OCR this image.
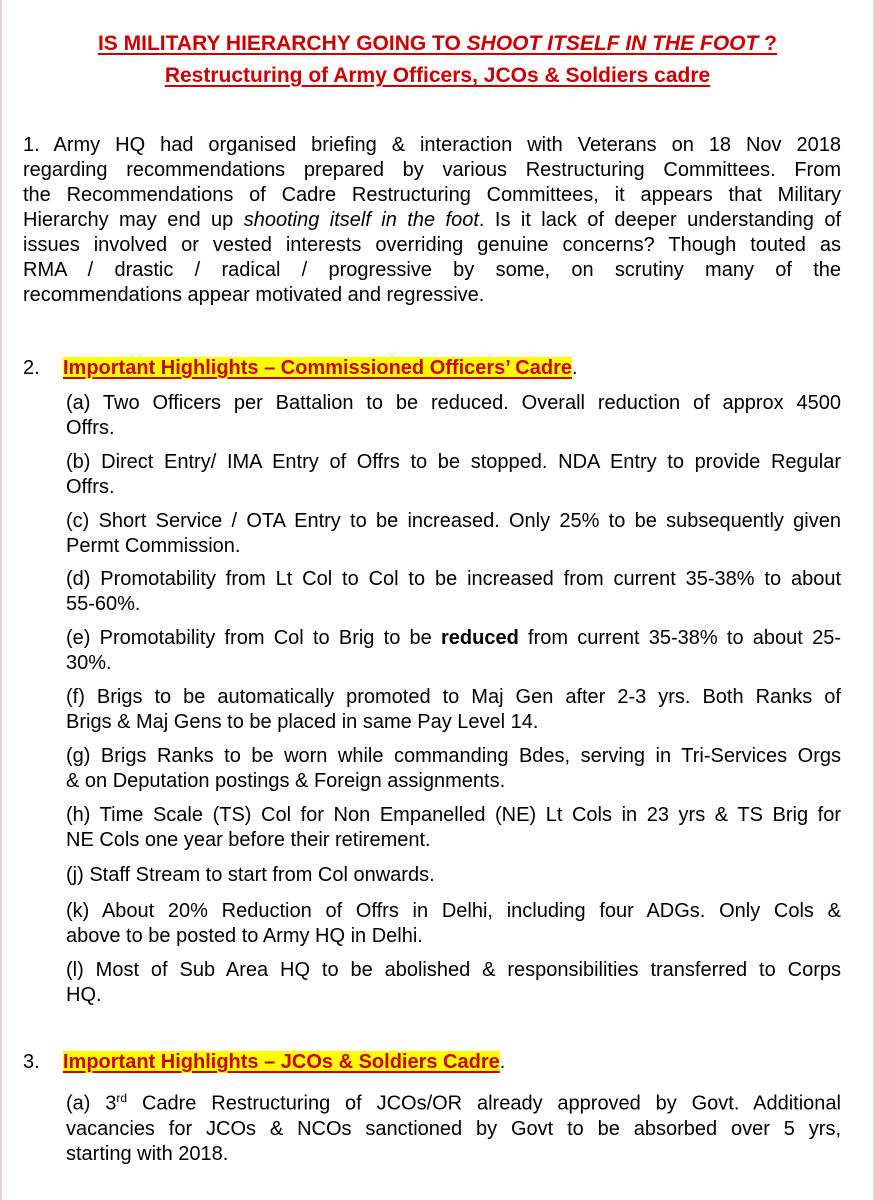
IS MILITARY HIERARCHY GOING TO SHOOT ITSELF IN THE FOOT ?
Restructuring of Army Officers, JCOs & Soldiers cadre
1. Army HQ had organised briefing & interaction with Veterans on 18 Nov 2018
regarding recommendations prepared by various Restructuring Committees. From
the Recommendations of Cadre Restructuring Committees, it appears that Military
Hierarchy may end up shooting itself in the foot. Is it lack of deeper understanding of
issues involved or vested interests overriding genuine concerns? Though touted as
RMA / drastic / radical / progressive by some, on scrutiny many of the
recommendations appear motivated and regressive.
2. Important Highlights – Commissioned Officers’ Cadre.
(a) Two Officers per Battalion to be reduced. Overall reduction of approx 4500
Offrs.
(b) Direct Entry/ IMA Entry of Offrs to be stopped. NDA Entry to provide Regular
Offrs.
(c) Short Service / OTA Entry to be increased. Only 25% to be subsequently given
Permt Commission.
(d) Promotability from Lt Col to Col to be increased from current 35-38% to about
55-60%.
(e) Promotability from Col to Brig to be reduced from current 35-38% to about 25-
30%.
(f) Brigs to be automatically promoted to Maj Gen after 2-3 yrs. Both Ranks of
Brigs & Maj Gens to be placed in same Pay Level 14.
(g) Brigs Ranks to be worn while commanding Bdes, serving in Tri-Services Orgs
& on Deputation postings & Foreign assignments.
(h) Time Scale (TS) Col for Non Empanelled (NE) Lt Cols in 23 yrs & TS Brig for
NE Cols one year before their retirement.
(j) Staff Stream to start from Col onwards.
(k) About 20% Reduction of Offrs in Delhi, including four ADGs. Only Cols &
above to be posted to Army HQ in Delhi.
(l) Most of Sub Area HQ to be abolished & responsibilities transferred to Corps
HQ.
3. Important Highlights – JCOs & Soldiers Cadre.
(a) 3rd Cadre Restructuring of JCOs/OR already approved by Govt. Additional
vacancies for JCOs & NCOs sanctioned by Govt to be absorbed over 5 yrs,
starting with 2018.
